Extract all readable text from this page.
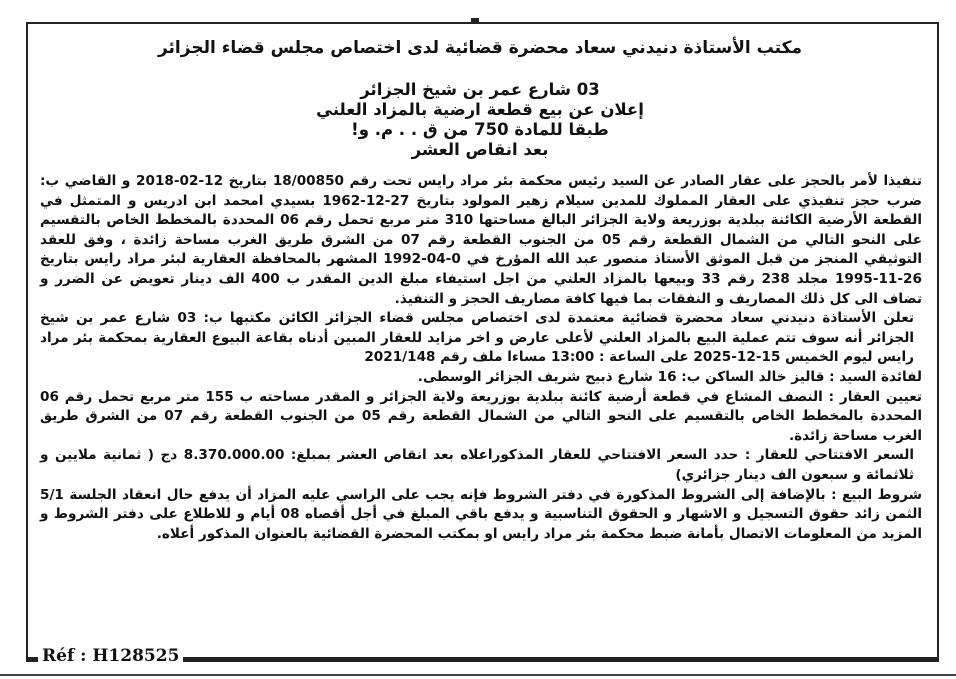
مكتب الأستاذة دنيدني سعاد محضرة قضائية لدى اختصاص مجلس قضاء الجزائر
03 شارع عمر بن شيخ الجزائر
إعلان عن بيع قطعة ارضية بالمزاد العلني
طبقا للمادة 750 من ق . . م. و!
بعد انقاص العشر

تنفيذا لأمر بالحجز على عقار الصادر عن السيد رئيس محكمة بئر مراد رايس تحت رقم 18/00850 بتاريخ 12-02-2018 و القاضي ب: ضرب حجز تنفيذي على العقار المملوك للمدين سيلام زهير المولود بتاريخ 27-12-1962 بسيدي امحمد ابن ادريس و المتمثل في القطعة الأرضية الكائنة ببلدية بوزريعة ولاية الجزائر البالغ مساحتها 310 متر مربع تحمل رقم 06 المحددة بالمخطط الخاص بالتقسيم على النحو التالي من الشمال القطعة رقم 05 من الجنوب القطعة رقم 07 من الشرق طريق الغرب مساحة زائدة ، وفق للعقد التوثيقي المنجز من قبل الموثق الأستاذ منصور عبد الله المؤرخ في 0-04-1992 المشهر بالمحافظة العقارية لبئر مراد رايس بتاريخ 26-11-1995 مجلد 238 رقم 33 وبيعها بالمزاد العلني من اجل استيفاء مبلغ الدين المقدر ب 400 الف دينار تعويض عن الضرر و تضاف الى كل ذلك المصاريف و النفقات بما فيها كافة مصاريف الحجز و التنفيذ.

تعلن الأستاذة دنيدني سعاد محضرة قضائية معتمدة لدى اختصاص مجلس قضاء الجزائر الكائن مكتبها ب: 03 شارع عمر بن شيخ الجزائر أنه سوف تتم عملية البيع بالمزاد العلني لأعلى عارض و اخر مزايد للعقار المبين أدناه بقاعة البيوع العقارية بمحكمة بئر مراد رايس ليوم الخميس 15-12-2025 على الساعة : 13:00 مساءا ملف رقم 2021/148

لفائدة السيد : قاليز خالد الساكن ب: 16 شارع ذبيح شريف الجزائر الوسطى.

تعيين العقار : النصف المشاع في قطعة أرضية كائنة ببلدية بوزريعة ولاية الجزائر و المقدر مساحته ب 155 متر مربع تحمل رقم 06 المحددة بالمخطط الخاص بالتقسيم على النحو التالي من الشمال القطعة رقم 05 من الجنوب القطعة رقم 07 من الشرق طريق الغرب مساحة زائدة.

السعر الافتتاحي للعقار : حدد السعر الافتتاحي للعقار المذكوراعلاه بعد انقاص العشر بمبلغ: 8.370.000.00 دج ( ثمانية ملايين و ثلاثمائة و سبعون الف دينار جزائري)

شروط البيع : بالإضافة إلى الشروط المذكورة في دفتر الشروط فإنه يجب على الراسي عليه المزاد أن يدفع حال انعقاد الجلسة 5/1 الثمن زائد حقوق التسجيل و الاشهار و الحقوق التناسبية و يدفع باقي المبلغ في أجل أقصاه 08 أيام و للاطلاع على دفتر الشروط و المزيد من المعلومات الاتصال بأمانة ضبط محكمة بئر مراد رايس او بمكتب المحضرة القضائية بالعنوان المذكور أعلاه.

Réf : H128525
